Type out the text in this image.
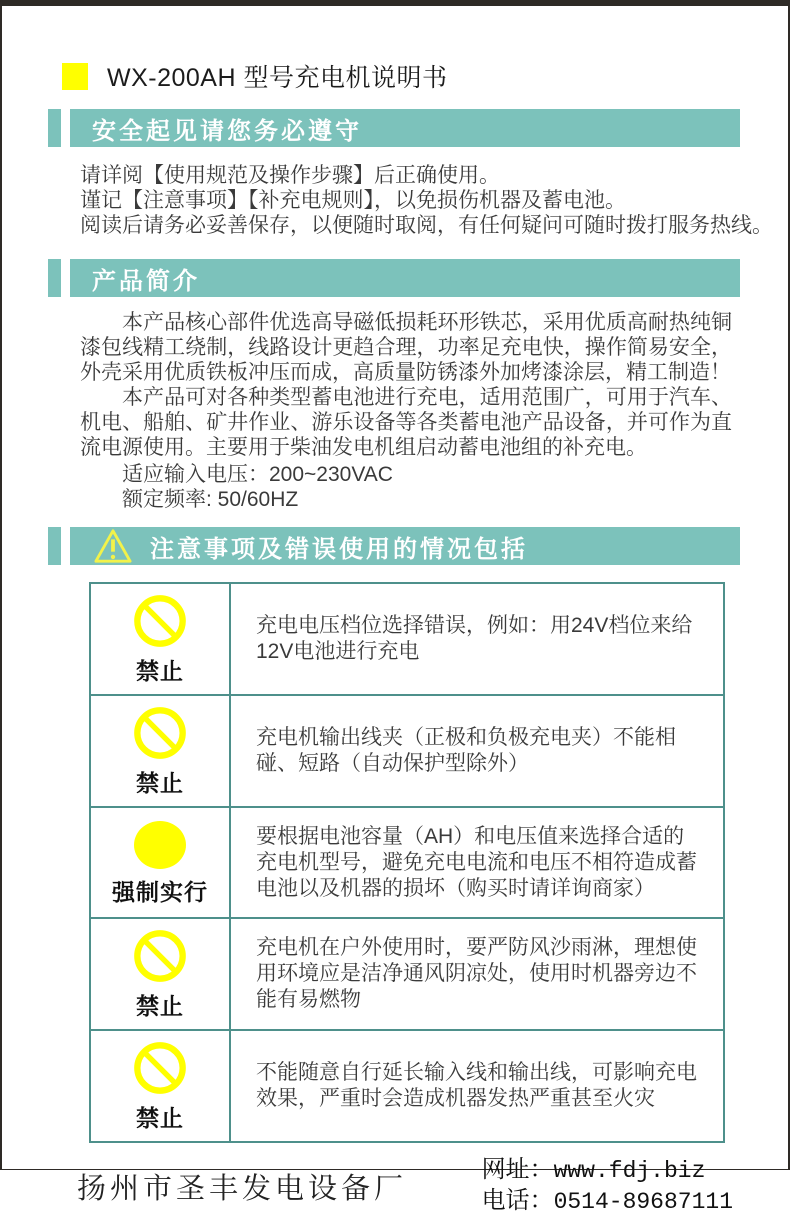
WX-200AH 型号充电机说明书
安全起见请您务必遵守

请详阅【使用规范及操作步骤】后正确使用。

谨记【注意事项】【补充电规则】，以免损伤机器及蓄电池。

阅读后请务必妥善保存，以便随时取阅，有任何疑问可随时拨打服务热线。

产品简介

本产品核心部件优选高导磁低损耗环形铁芯，采用优质高耐热纯铜漆包线精工绕制，线路设计更趋合理，功率足充电快，操作简易安全，外壳采用优质铁板冲压而成，高质量防锈漆外加烤漆涂层，精工制造！

本产品可对各种类型蓄电池进行充电，适用范围广，可用于汽车、机电、船舶、矿井作业、游乐设备等各类蓄电池产品设备，并可作为直流电源使用。主要用于柴油发电机组启动蓄电池组的补充电。

适应输入电压：200~230VAC

额定频率: 50/60HZ

注意事项及错误使用的情况包括
禁止	充电电压档位选择错误，例如：用24V档位来给12V电池进行充电

禁止	充电机输出线夹（正极和负极充电夹）不能相碰、短路（自动保护型除外）

强制实行	要根据电池容量（AH）和电压值来选择合适的充电机型号，避免充电电流和电压不相符造成蓄电池以及机器的损坏（购买时请详询商家）

禁止	充电机在户外使用时，要严防风沙雨淋，理想使用环境应是洁净通风阴凉处，使用时机器旁边不能有易燃物

禁止	不能随意自行延长输入线和输出线，可影响充电效果，严重时会造成机器发热严重甚至火灾
扬州市圣丰发电设备厂
网址：www.fdj.biz
电话：0514-89687111
